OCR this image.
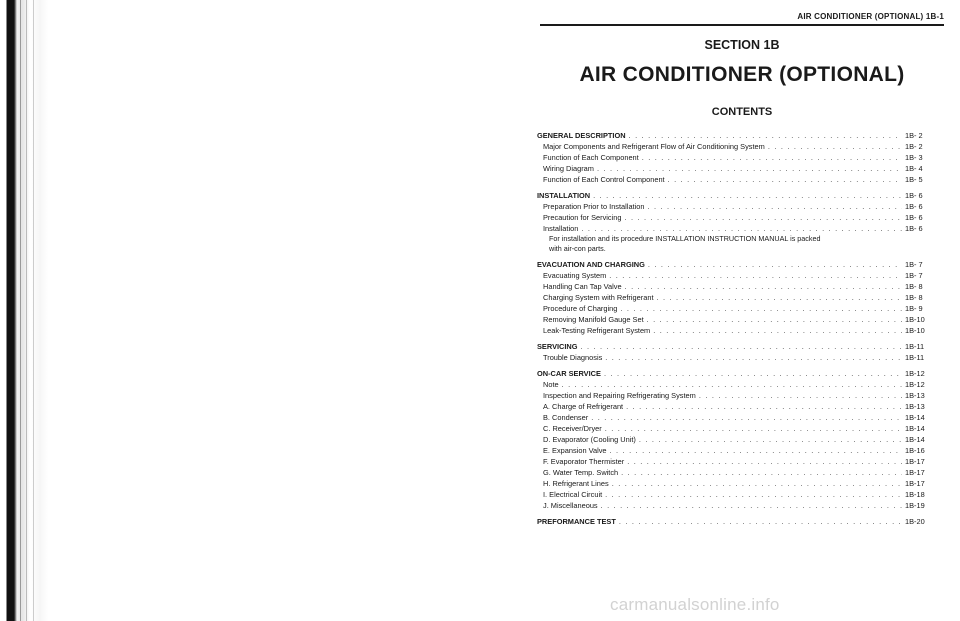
AIR CONDITIONER (OPTIONAL) 1B-1
SECTION 1B
AIR CONDITIONER (OPTIONAL)
CONTENTS
GENERAL DESCRIPTION . . .	1B- 2
Major Components and Refrigerant Flow of Air Conditioning System . . .	1B- 2
Function of Each Component . . .	1B- 3
Wiring Diagram . . .	1B- 4
Function of Each Control Component . . .	1B- 5
INSTALLATION . . .	1B- 6
Preparation Prior to Installation . . .	1B- 6
Precaution for Servicing . . .	1B- 6
Installation . . .	1B- 6
For installation and its procedure INSTALLATION INSTRUCTION MANUAL is packed
with air-con parts.
EVACUATION AND CHARGING . . .	1B- 7
Evacuating System . . .	1B- 7
Handling Can Tap Valve . . .	1B- 8
Charging System with Refrigerant . . .	1B- 8
Procedure of Charging . . .	1B- 9
Removing Manifold Gauge Set . . .	1B-10
Leak-Testing Refrigerant System . . .	1B-10
SERVICING . . .	1B-11
Trouble Diagnosis . . .	1B-11
ON-CAR SERVICE . . .	1B-12
Note . . .	1B-12
Inspection and Repairing Refrigerating System . . .	1B-13
A. Charge of Refrigerant . . .	1B-13
B. Condenser . . .	1B-14
C. Receiver/Dryer . . .	1B-14
D. Evaporator (Cooling Unit) . . .	1B-14
E. Expansion Valve . . .	1B-16
F. Evaporator Thermister . . .	1B-17
G. Water Temp. Switch . . .	1B-17
H. Refrigerant Lines . . .	1B-17
I. Electrical Circuit . . .	1B-18
J. Miscellaneous . . .	1B-19
PREFORMANCE TEST . . .	1B-20
carmanualsonline.info
